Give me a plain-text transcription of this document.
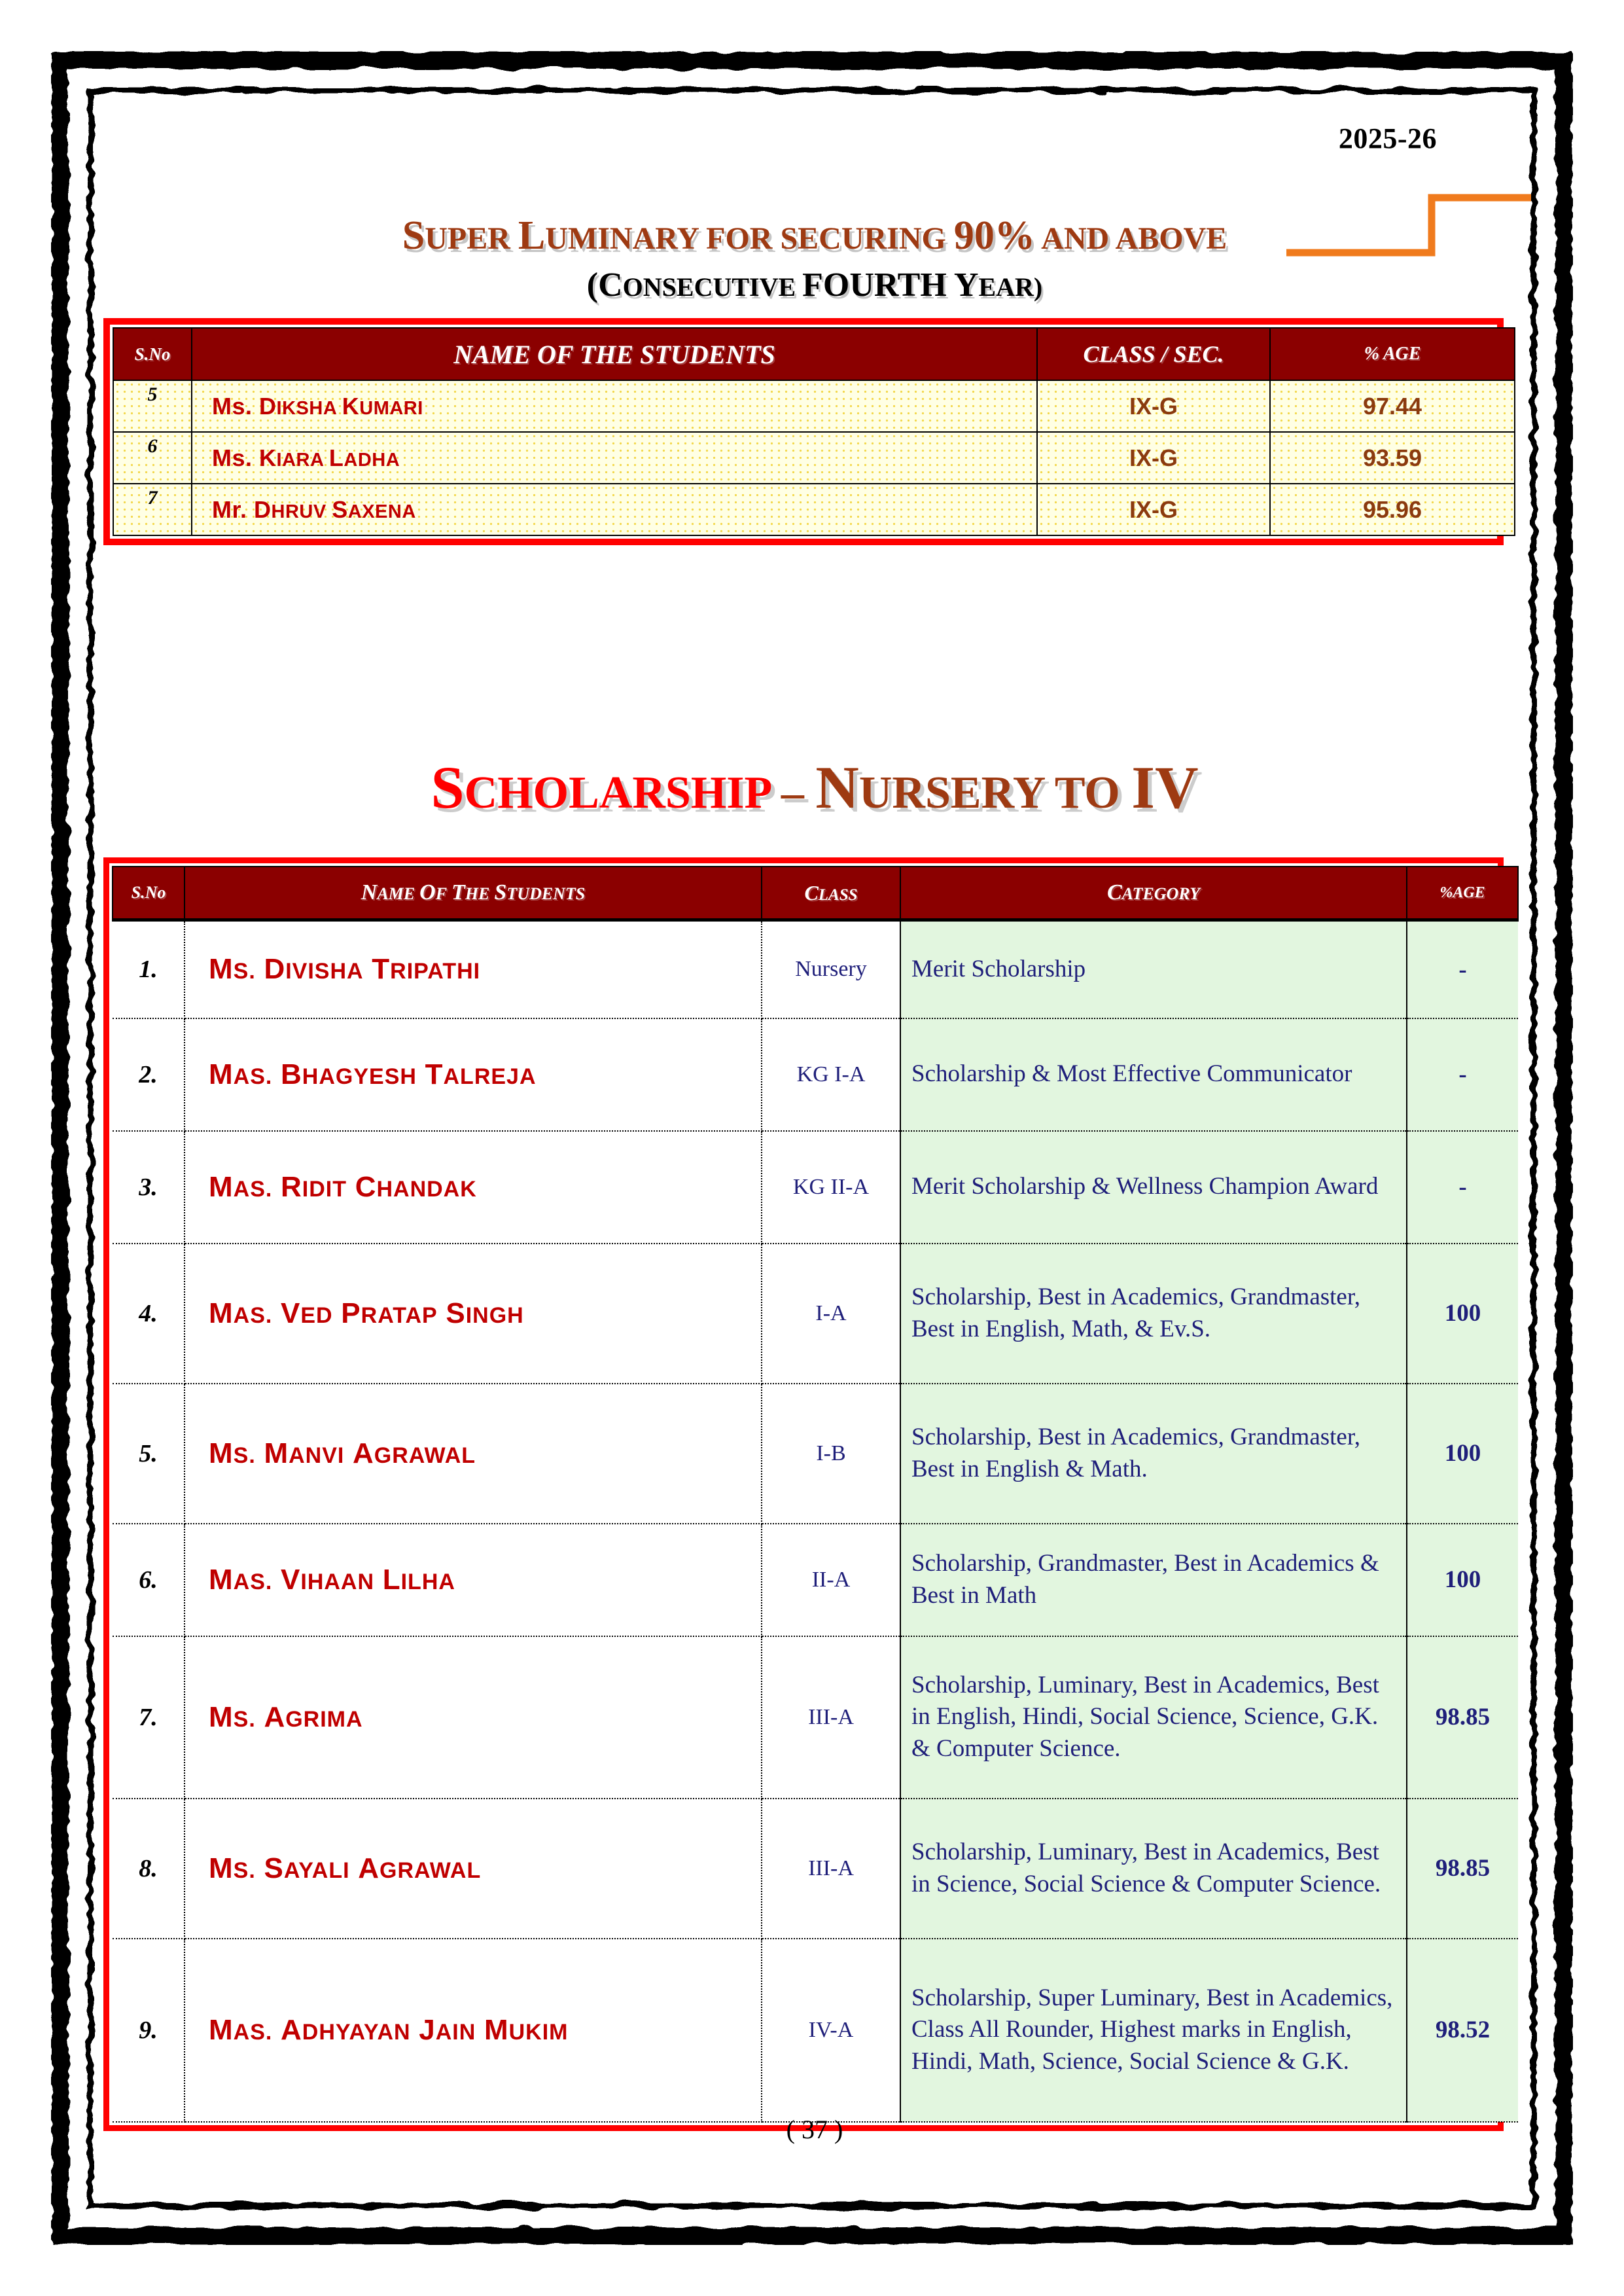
2025-26
SUPER LUMINARY FOR SECURING 90% AND ABOVE
(CONSECUTIVE FOURTH YEAR)
S.No	NAME OF THE STUDENTS	CLASS / SEC.	% AGE
5	Ms. DIKSHA KUMARI	IX-G	97.44
6	Ms. KIARA LADHA	IX-G	93.59
7	Mr. DHRUV SAXENA	IX-G	95.96
SCHOLARSHIP – NURSERY TO IV
S.No	NAME OF THE STUDENTS	CLASS	CATEGORY	%AGE
1.	MS. DIVISHA TRIPATHI	Nursery	Merit Scholarship	-
2.	MAS. BHAGYESH TALREJA	KG I-A	Scholarship & Most Effective Communicator	-
3.	MAS. RIDIT CHANDAK	KG II-A	Merit Scholarship & Wellness Champion Award	-
4.	MAS. VED PRATAP SINGH	I-A	Scholarship, Best in Academics, Grandmaster, Best in English, Math, & Ev.S.	100
5.	MS. MANVI AGRAWAL	I-B	Scholarship, Best in Academics, Grandmaster, Best in English & Math.	100
6.	MAS. VIHAAN LILHA	II-A	Scholarship, Grandmaster, Best in Academics & Best in Math	100
7.	MS. AGRIMA	III-A	Scholarship, Luminary, Best in Academics, Best in English, Hindi, Social Science, Science, G.K. & Computer Science.	98.85
8.	MS. SAYALI AGRAWAL	III-A	Scholarship, Luminary, Best in Academics, Best in Science, Social Science & Computer Science.	98.85
9.	MAS. ADHYAYAN JAIN MUKIM	IV-A	Scholarship, Super Luminary, Best in Academics, Class All Rounder, Highest marks in English, Hindi, Math, Science, Social Science & G.K.	98.52
( 37 )
